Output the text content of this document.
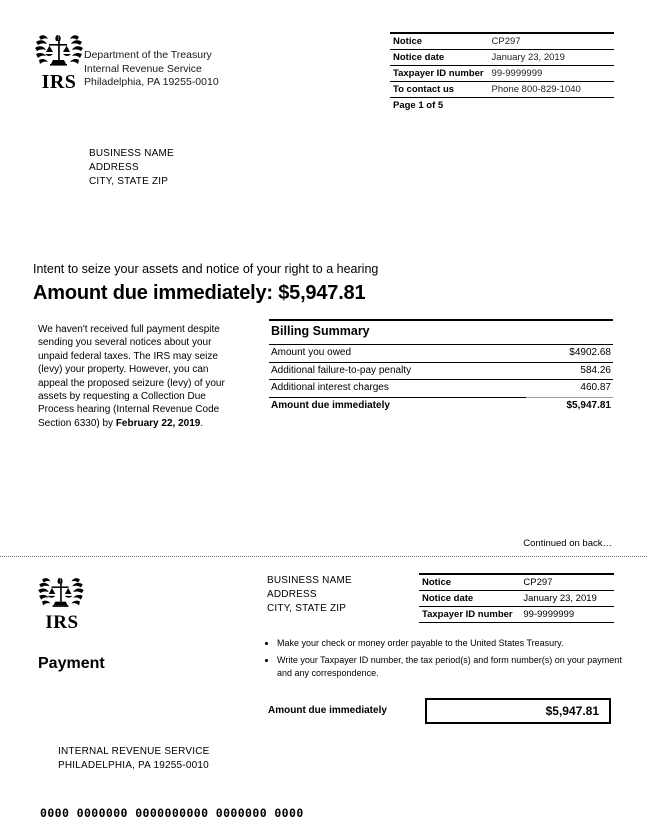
IRS
Department of the Treasury
Internal Revenue Service
Philadelphia, PA 19255-0010
Notice	CP297
Notice date	January 23, 2019
Taxpayer ID number	99-9999999
To contact us	Phone 800-829-1040
Page 1 of 5	
BUSINESS NAME
ADDRESS
CITY, STATE ZIP
Intent to seize your assets and notice of your right to a hearing
Amount due immediately: $5,947.81
We haven't received full payment despite sending you several notices about your unpaid federal taxes. The IRS may seize (levy) your property. However, you can appeal the proposed seizure (levy) of your assets by requesting a Collection Due Process hearing (Internal Revenue Code Section 6330) by February 22, 2019.
Billing Summary
Amount you owed	$4902.68
Additional failure-to-pay penalty	584.26
Additional interest charges	460.87
Amount due immediately	$5,947.81
Continued on back…
IRS
BUSINESS NAME
ADDRESS
CITY, STATE ZIP
Notice	CP297
Notice date	January 23, 2019
Taxpayer ID number	99-9999999
• Make your check or money order payable to the United States Treasury.
• Write your Taxpayer ID number, the tax period(s) and form number(s) on your payment and any correspondence.
Payment
Amount due immediately	$5,947.81
INTERNAL REVENUE SERVICE
PHILADELPHIA, PA 19255-0010
0000 0000000 0000000000 0000000 0000
